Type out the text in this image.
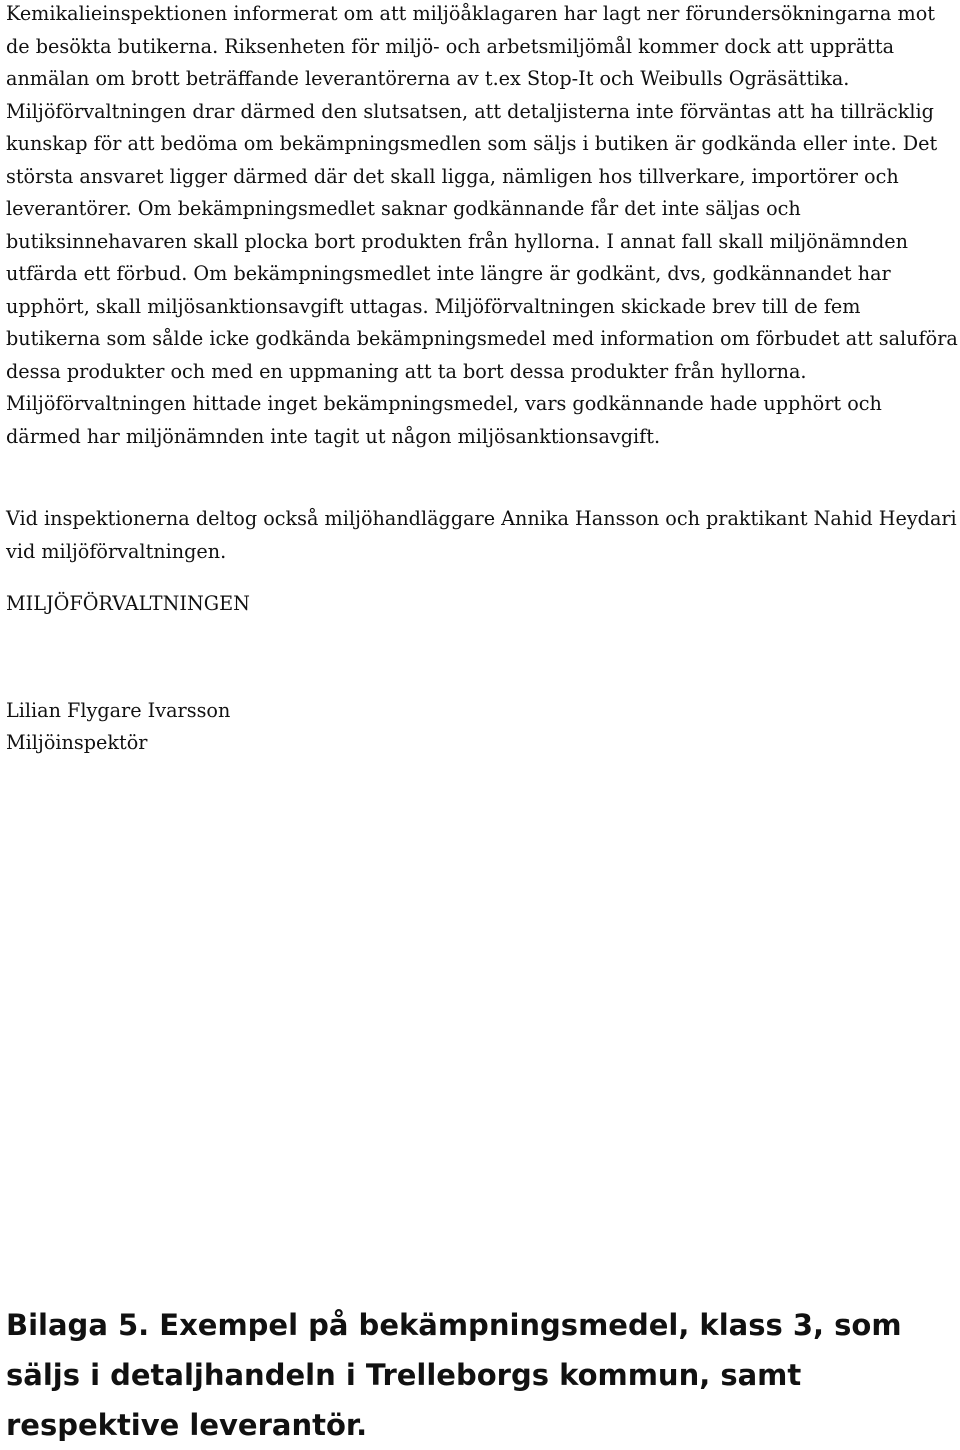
Kemikalieinspektionen informerat om att miljöåklagaren har lagt ner förundersökningarna mot de besökta butikerna. Riksenheten för miljö- och arbetsmiljömål kommer dock att upprätta anmälan om brott beträffande leverantörerna av t.ex Stop-It och Weibulls Ogräsättika. Miljöförvaltningen drar därmed den slutsatsen, att detaljisterna inte förväntas att ha tillräcklig kunskap för att bedöma om bekämpningsmedlen som säljs i butiken är godkända eller inte. Det största ansvaret ligger därmed där det skall ligga, nämligen hos tillverkare, importörer och leverantörer. Om bekämpningsmedlet saknar godkännande får det inte säljas och butiksinnehavaren skall plocka bort produkten från hyllorna. I annat fall skall miljönämnden utfärda ett förbud. Om bekämpningsmedlet inte längre är godkänt, dvs, godkännandet har upphört, skall miljösanktionsavgift uttagas. Miljöförvaltningen skickade brev till de fem butikerna som sålde icke godkända bekämpningsmedel med information om förbudet att saluföra dessa produkter och med en uppmaning att ta bort dessa produkter från hyllorna. Miljöförvaltningen hittade inget bekämpningsmedel, vars godkännande hade upphört och därmed har miljönämnden inte tagit ut någon miljösanktionsavgift.

Vid inspektionerna deltog också miljöhandläggare Annika Hansson och praktikant Nahid Heydari vid miljöförvaltningen.

MILJÖFÖRVALTNINGEN

Lilian Flygare Ivarsson

Miljöinspektör

Bilaga 5. Exempel på bekämpningsmedel, klass 3, som säljs i detaljhandeln i Trelleborgs kommun, samt respektive leverantör.
